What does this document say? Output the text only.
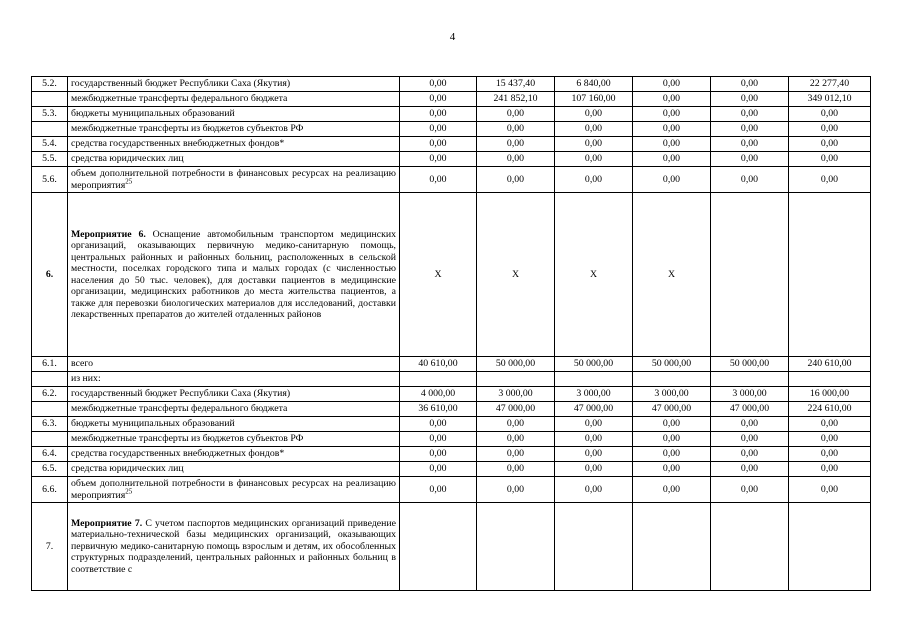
4
5.2.	государственный бюджет Республики Саха (Якутия)	0,00	15 437,40	6 840,00	0,00	0,00	22 277,40
	межбюджетные трансферты федерального бюджета	0,00	241 852,10	107 160,00	0,00	0,00	349 012,10
5.3.	бюджеты муниципальных образований	0,00	0,00	0,00	0,00	0,00	0,00
	межбюджетные трансферты из бюджетов субъектов РФ	0,00	0,00	0,00	0,00	0,00	0,00
5.4.	средства государственных внебюджетных фондов*	0,00	0,00	0,00	0,00	0,00	0,00
5.5.	средства юридических лиц	0,00	0,00	0,00	0,00	0,00	0,00
5.6.	объем дополнительной потребности в финансовых ресурсах на реализацию мероприятия$^{25}$	0,00	0,00	0,00	0,00	0,00	0,00
6.	Мероприятие 6. Оснащение автомобильным транспортом медицинских организаций, оказывающих первичную медико-санитарную помощь, центральных районных и районных больниц, расположенных в сельской местности, поселках городского типа и малых городах (с численностью населения до 50 тыс. человек), для доставки пациентов в медицинские организации, медицинских работников до места жительства пациентов, а также для перевозки биологических материалов для исследований, доставки лекарственных препаратов до жителей отдаленных районов	X	X	X	X		
6.1.	всего	40 610,00	50 000,00	50 000,00	50 000,00	50 000,00	240 610,00
	из них:						
6.2.	государственный бюджет Республики Саха (Якутия)	4 000,00	3 000,00	3 000,00	3 000,00	3 000,00	16 000,00
	межбюджетные трансферты федерального бюджета	36 610,00	47 000,00	47 000,00	47 000,00	47 000,00	224 610,00
6.3.	бюджеты муниципальных образований	0,00	0,00	0,00	0,00	0,00	0,00
	межбюджетные трансферты из бюджетов субъектов РФ	0,00	0,00	0,00	0,00	0,00	0,00
6.4.	средства государственных внебюджетных фондов*	0,00	0,00	0,00	0,00	0,00	0,00
6.5.	средства юридических лиц	0,00	0,00	0,00	0,00	0,00	0,00
6.6.	объем дополнительной потребности в финансовых ресурсах на реализацию мероприятия$^{25}$	0,00	0,00	0,00	0,00	0,00	0,00
7.	Мероприятие 7. С учетом паспортов медицинских организаций приведение материально-технической базы медицинских организаций, оказывающих первичную медико-санитарную помощь взрослым и детям, их обособленных структурных подразделений, центральных районных и районных больниц в соответствие с						
